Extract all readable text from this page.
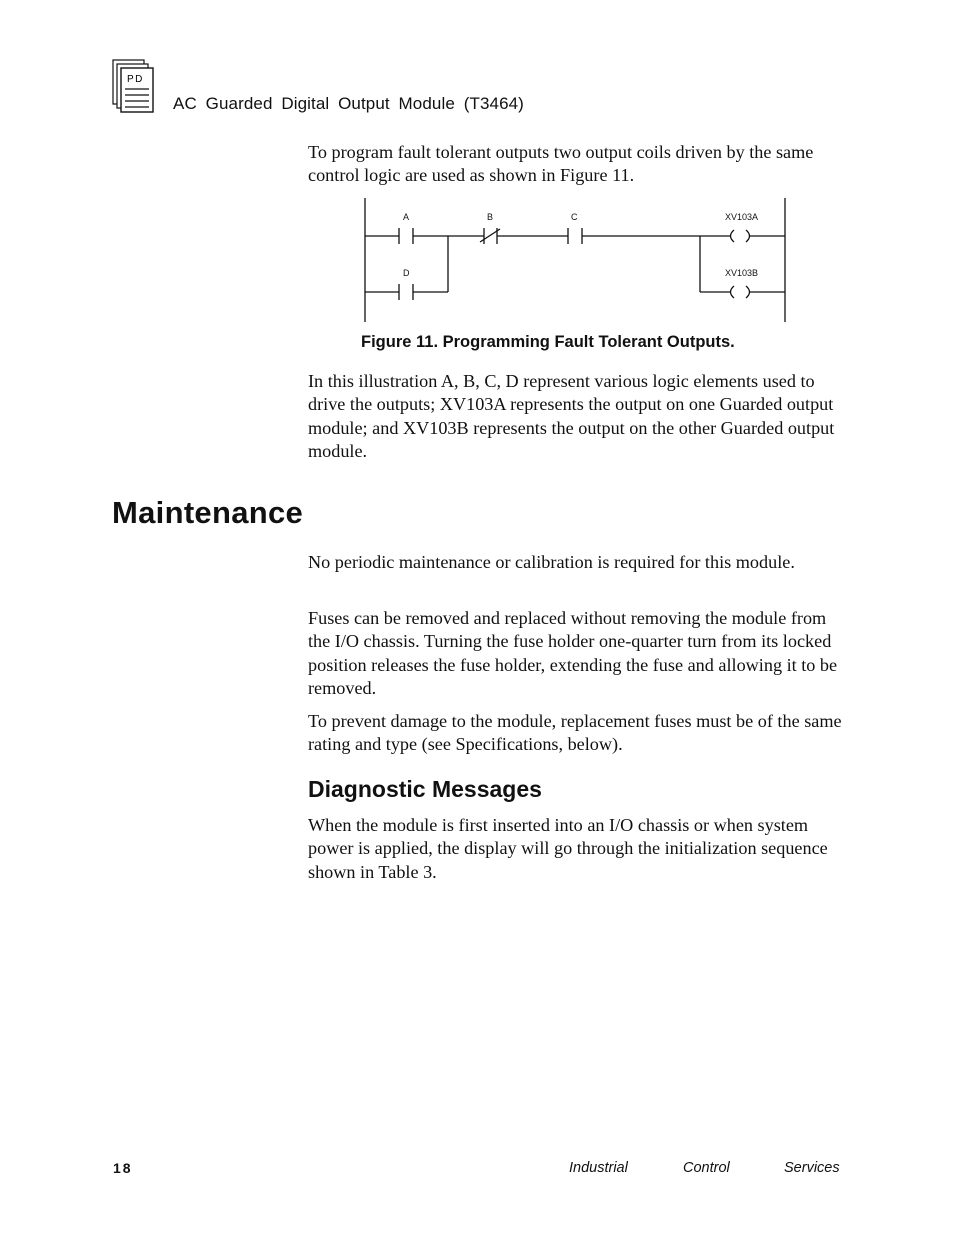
PD
AC Guarded Digital Output Module (T3464)

To program fault tolerant outputs two output coils driven by the same control logic are used as shown in Figure 11.

A	B	C
D
XV103A
XV103B
Figure 11. Programming Fault Tolerant Outputs.

In this illustration A, B, C, D represent various logic elements used to drive the outputs; XV103A represents the output on one Guarded output module; and XV103B represents the output on the other Guarded output module.

Maintenance

No periodic maintenance or calibration is required for this module.

Fuses can be removed and replaced without removing the module from the I/O chassis. Turning the fuse holder one-quarter turn from its locked position releases the fuse holder, extending the fuse and allowing it to be removed.

To prevent damage to the module, replacement fuses must be of the same rating and type (see Specifications, below).

Diagnostic Messages

When the module is first inserted into an I/O chassis or when system power is applied, the display will go through the initialization sequence shown in Table 3.

18	Industrial	Control	Services
